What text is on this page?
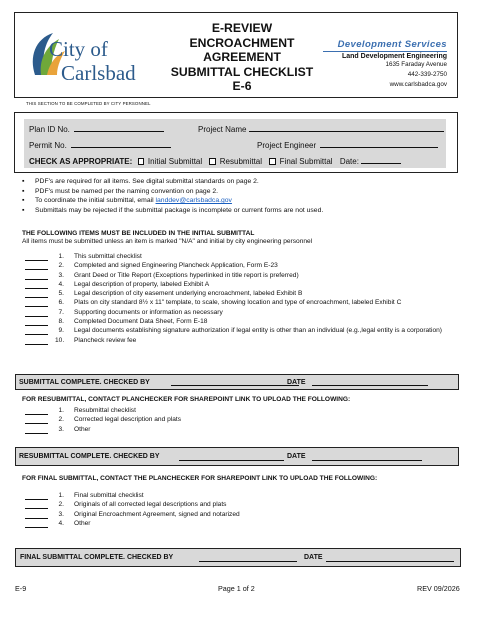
City of
Carlsbad
E-REVIEW
ENCROACHMENT
AGREEMENT
SUBMITTAL CHECKLIST
E-6
Development Services
Land Development Engineering
1635 Faraday Avenue
442-339-2750
www.carlsbadca.gov
THIS SECTION TO BE COMPLETED BY CITY PERSONNEL
Plan ID No.	Project Name
Permit No.	Project Engineer
CHECK AS APPROPRIATE: Initial Submittal Resubmittal Final Submittal Date:
▪ PDF's are required for all items. See digital submittal standards on page 2.
▪ PDF's must be named per the naming convention on page 2.
▪ To coordinate the initial submittal, email landdev@carlsbadca.gov
▪ Submittals may be rejected if the submittal package is incomplete or current forms are not used.
THE FOLLOWING ITEMS MUST BE INCLUDED IN THE INITIAL SUBMITTAL
All items must be submitted unless an item is marked "N/A" and initial by city engineering personnel
1. This submittal checklist
2. Completed and signed Engineering Plancheck Application, Form E-23
3. Grant Deed or Title Report (Exceptions hyperlinked in title report is preferred)
4. Legal description of property, labeled Exhibit A
5. Legal description of city easement underlying encroachment, labeled Exhibit B
6. Plats on city standard 8½ x 11" template, to scale, showing location and type of encroachment, labeled Exhibit C
7. Supporting documents or information as necessary
8. Completed Document Data Sheet, Form E-18
9. Legal documents establishing signature authorization if legal entity is other than an individual (e.g.,legal entity is a corporation)
10. Plancheck review fee
SUBMITTAL COMPLETE. CHECKED BY	DATE
FOR RESUBMITTAL, CONTACT PLANCHECKER FOR SHAREPOINT LINK TO UPLOAD THE FOLLOWING:
1. Resubmittal checklist
2. Corrected legal description and plats
3. Other
RESUBMITTAL COMPLETE. CHECKED BY	DATE
FOR FINAL SUBMITTAL, CONTACT THE PLANCHECKER FOR SHAREPOINT LINK TO UPLOAD THE FOLLOWING:
1. Final submittal checklist
2. Originals of all corrected legal descriptions and plats
3. Original Encroachment Agreement, signed and notarized
4. Other
FINAL SUBMITTAL COMPLETE. CHECKED BY	DATE
E-9	Page 1 of 2	REV 09/2026
